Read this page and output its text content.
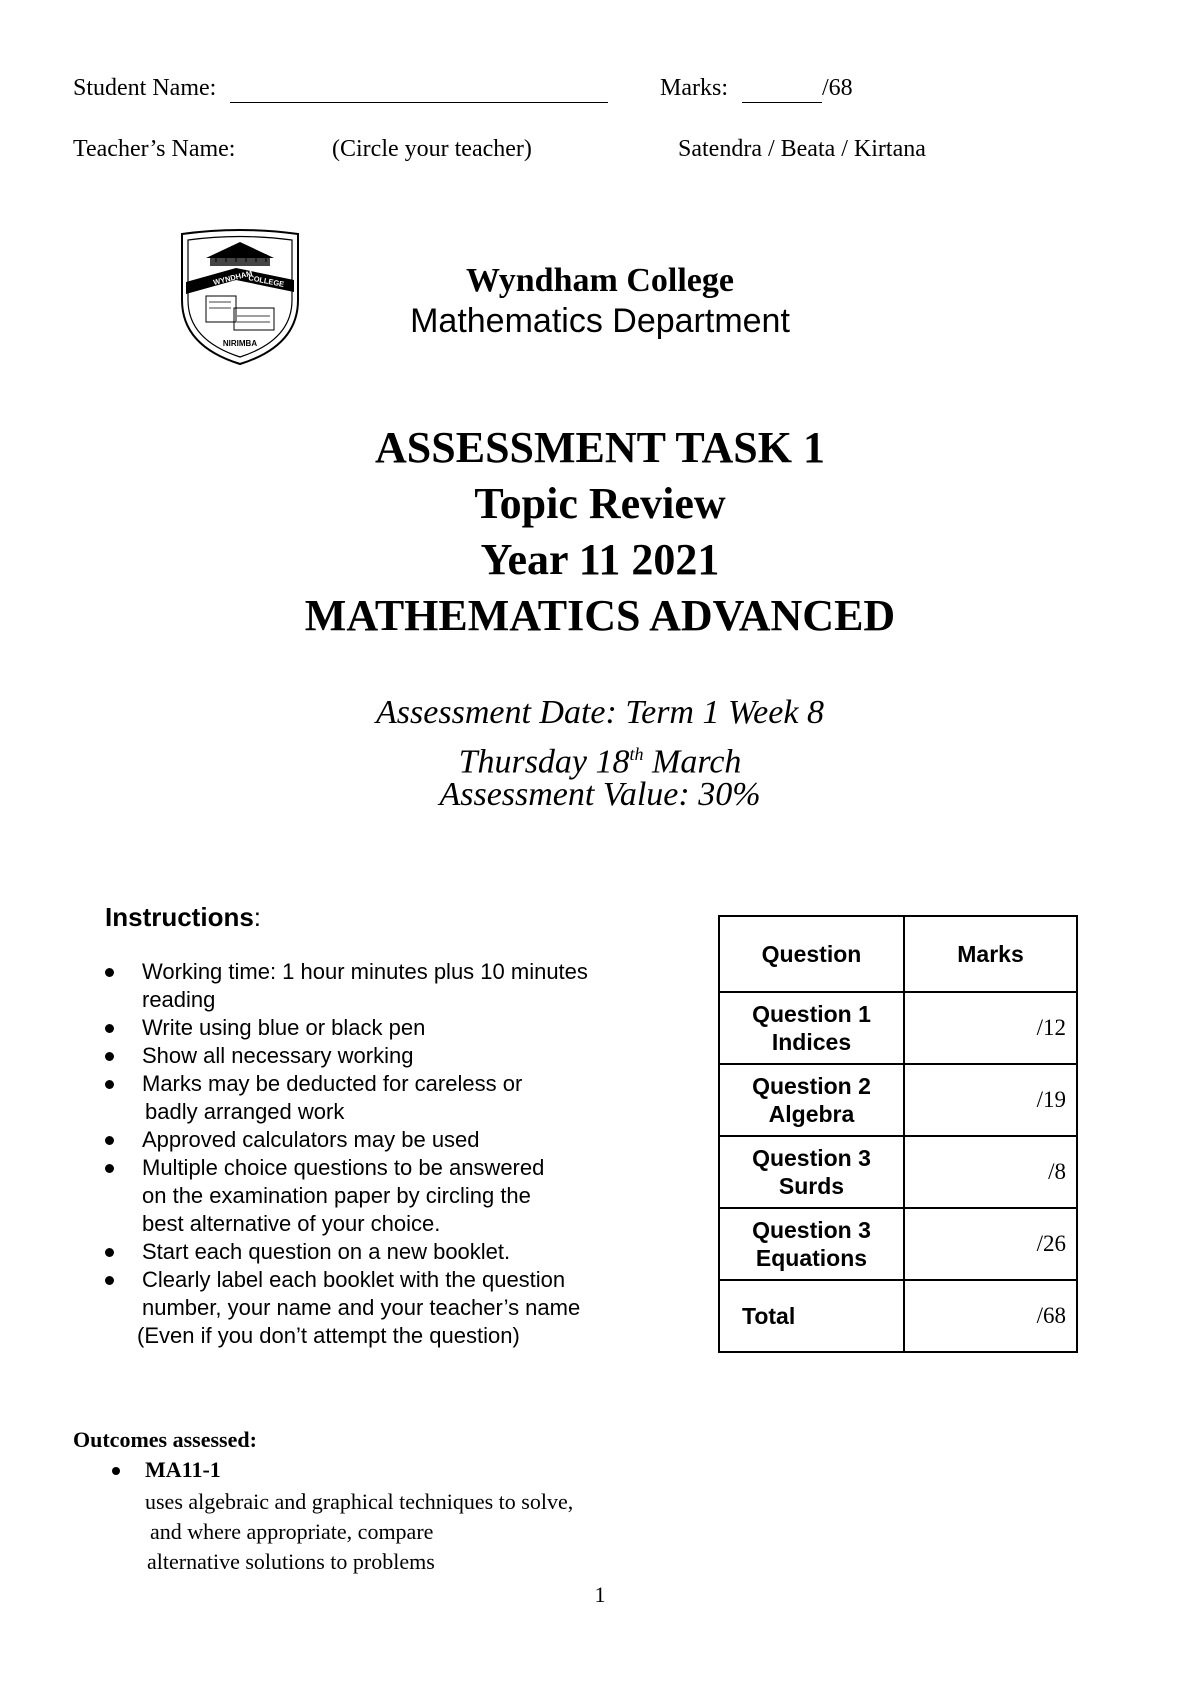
Student Name:	Marks:	/68
Teacher’s Name:	(Circle your teacher)	Satendra / Beata / Kirtana
WYNDHAM
COLLEGE
NIRIMBA
Wyndham College
Mathematics Department
ASSESSMENT TASK 1
Topic Review
Year 11 2021
MATHEMATICS ADVANCED
Assessment Date: Term 1 Week 8
Thursday 18th March
Assessment Value: 30%
Instructions:
Working time: 1 hour minutes plus 10 minutes
reading
Write using blue or black pen
Show all necessary working
Marks may be deducted for careless or
badly arranged work
Approved calculators may be used
Multiple choice questions to be answered
on the examination paper by circling the
best alternative of your choice.
Start each question on a new booklet.
Clearly label each booklet with the question
number, your name and your teacher’s name
(Even if you don’t attempt the question)
Question	Marks
Question 1
Indices	/12
Question 2
Algebra	/19
Question 3
Surds	/8
Question 3
Equations	/26
Total	/68
Outcomes assessed:
MA11-1
uses algebraic and graphical techniques to solve,
and where appropriate, compare
alternative solutions to problems
1
